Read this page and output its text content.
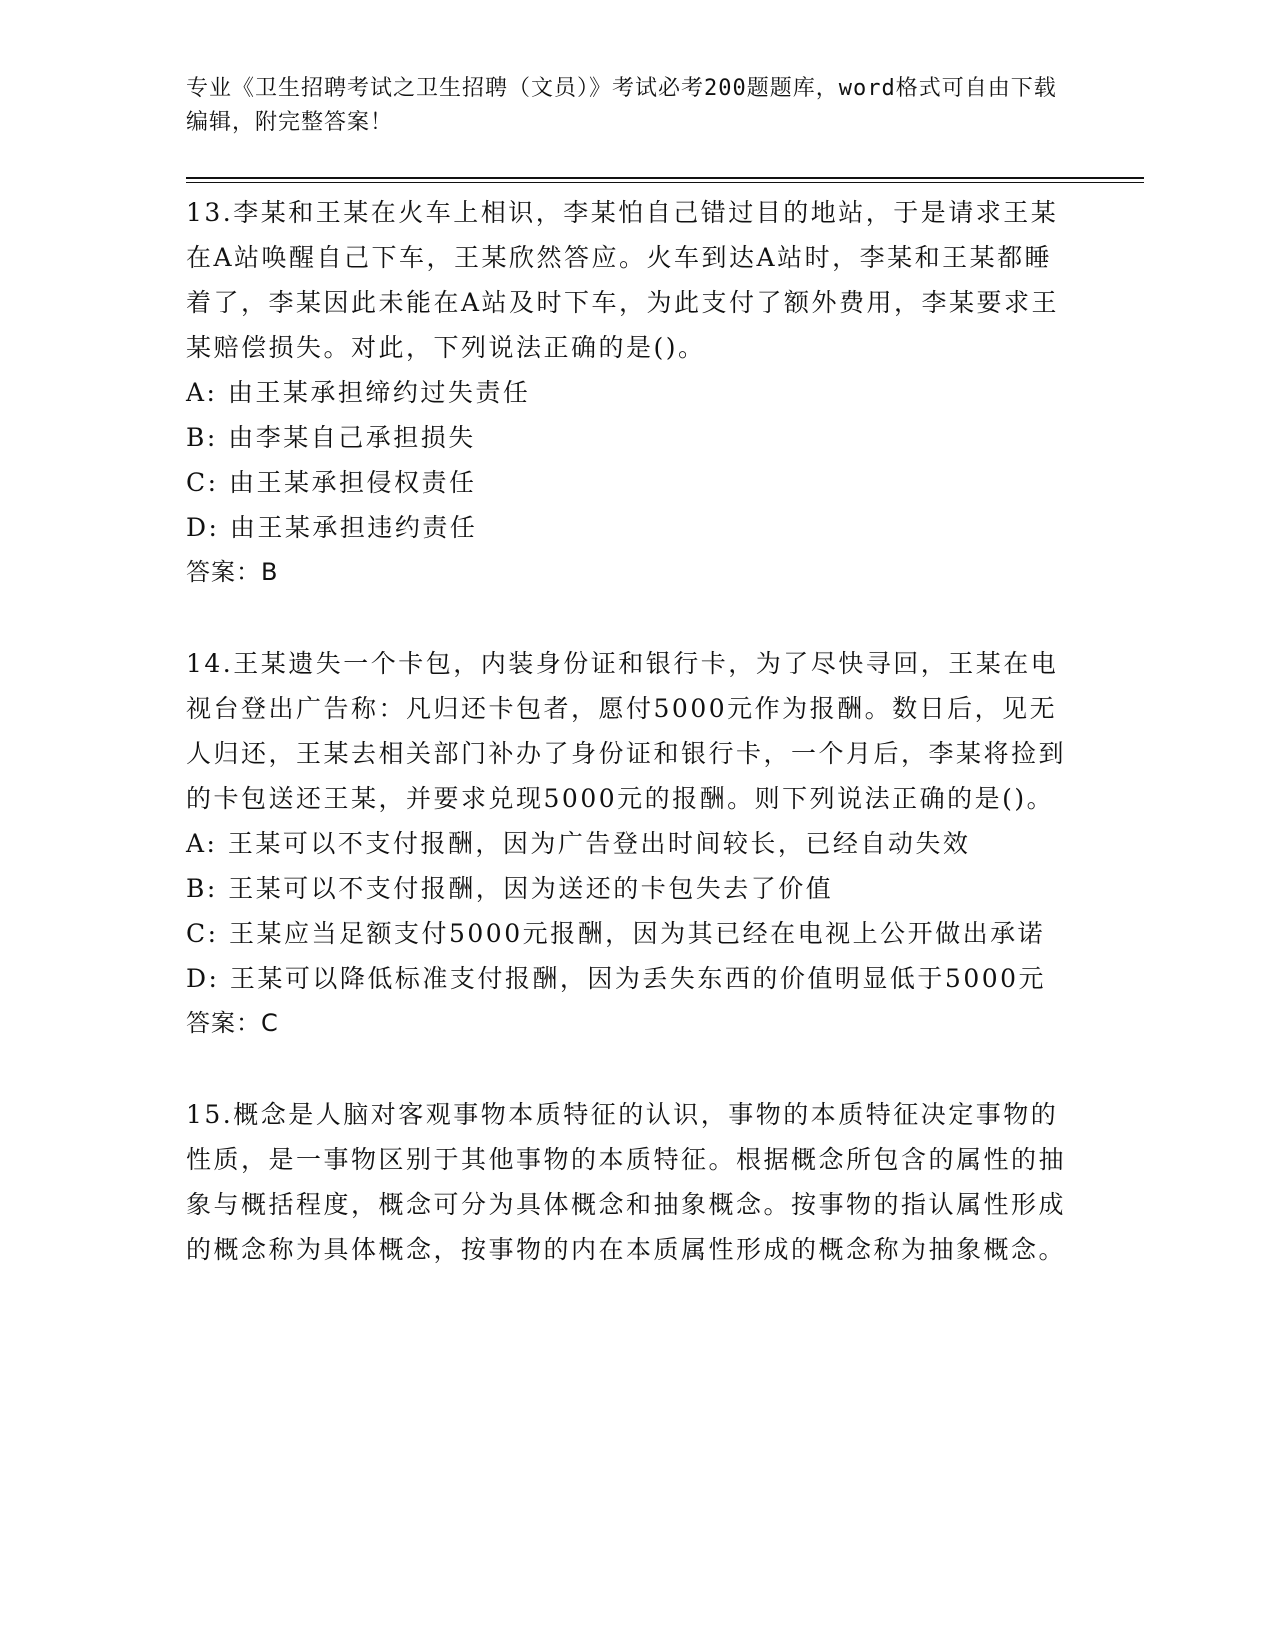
专业《卫生招聘考试之卫生招聘（文员）》考试必考200题题库，word格式可自由下载编辑，附完整答案！

13.李某和王某在火车上相识，李某怕自己错过目的地站，于是请求王某在A站唤醒自己下车，王某欣然答应。火车到达A站时，李某和王某都睡着了，李某因此未能在A站及时下车，为此支付了额外费用，李某要求王某赔偿损失。对此，下列说法正确的是()。

A: 由王某承担缔约过失责任

B: 由李某自己承担损失

C: 由王某承担侵权责任

D: 由王某承担违约责任

答案：B

14.王某遗失一个卡包，内装身份证和银行卡，为了尽快寻回，王某在电视台登出广告称：凡归还卡包者，愿付5000元作为报酬。数日后，见无人归还，王某去相关部门补办了身份证和银行卡，一个月后，李某将捡到的卡包送还王某，并要求兑现5000元的报酬。则下列说法正确的是()。

A: 王某可以不支付报酬，因为广告登出时间较长，已经自动失效

B: 王某可以不支付报酬，因为送还的卡包失去了价值

C: 王某应当足额支付5000元报酬，因为其已经在电视上公开做出承诺

D: 王某可以降低标准支付报酬，因为丢失东西的价值明显低于5000元

答案：C

15.概念是人脑对客观事物本质特征的认识，事物的本质特征决定事物的性质，是一事物区别于其他事物的本质特征。根据概念所包含的属性的抽象与概括程度，概念可分为具体概念和抽象概念。按事物的指认属性形成的概念称为具体概念，按事物的内在本质属性形成的概念称为抽象概念。
